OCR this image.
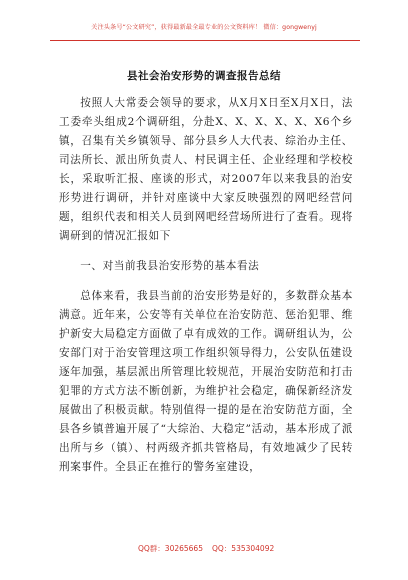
关注头条号“公文研究”，获得最新最全最专业的公文资料库！ 微信：gongwenyj
县社会治安形势的调查报告总结

按照人大常委会领导的要求，从X月X日至X月X日，法工委牵头组成2个调研组，分赴X、X、X、X、X、X6个乡镇，召集有关乡镇领导、部分县乡人大代表、综治办主任、司法所长、派出所负责人、村民调主任、企业经理和学校校长，采取听汇报、座谈的形式，对2007年以来我县的治安形势进行调研，并针对座谈中大家反映强烈的网吧经营问题，组织代表和相关人员到网吧经营场所进行了查看。现将调研到的情况汇报如下

一、对当前我县治安形势的基本看法

总体来看，我县当前的治安形势是好的，多数群众基本满意。近年来，公安等有关单位在治安防范、惩治犯罪、维护新安大局稳定方面做了卓有成效的工作。调研组认为，公安部门对于治安管理这项工作组织领导得力，公安队伍建设逐年加强，基层派出所管理比较规范，开展治安防范和打击犯罪的方式方法不断创新，为维护社会稳定，确保新经济发展做出了积极贡献。特别值得一提的是在治安防范方面，全县各乡镇普遍开展了“大综治、大稳定”活动，基本形成了派出所与乡（镇）、村两级齐抓共管格局，有效地减少了民转刑案事件。全县正在推行的警务室建设，

QQ群：30265665 QQ：535304092
